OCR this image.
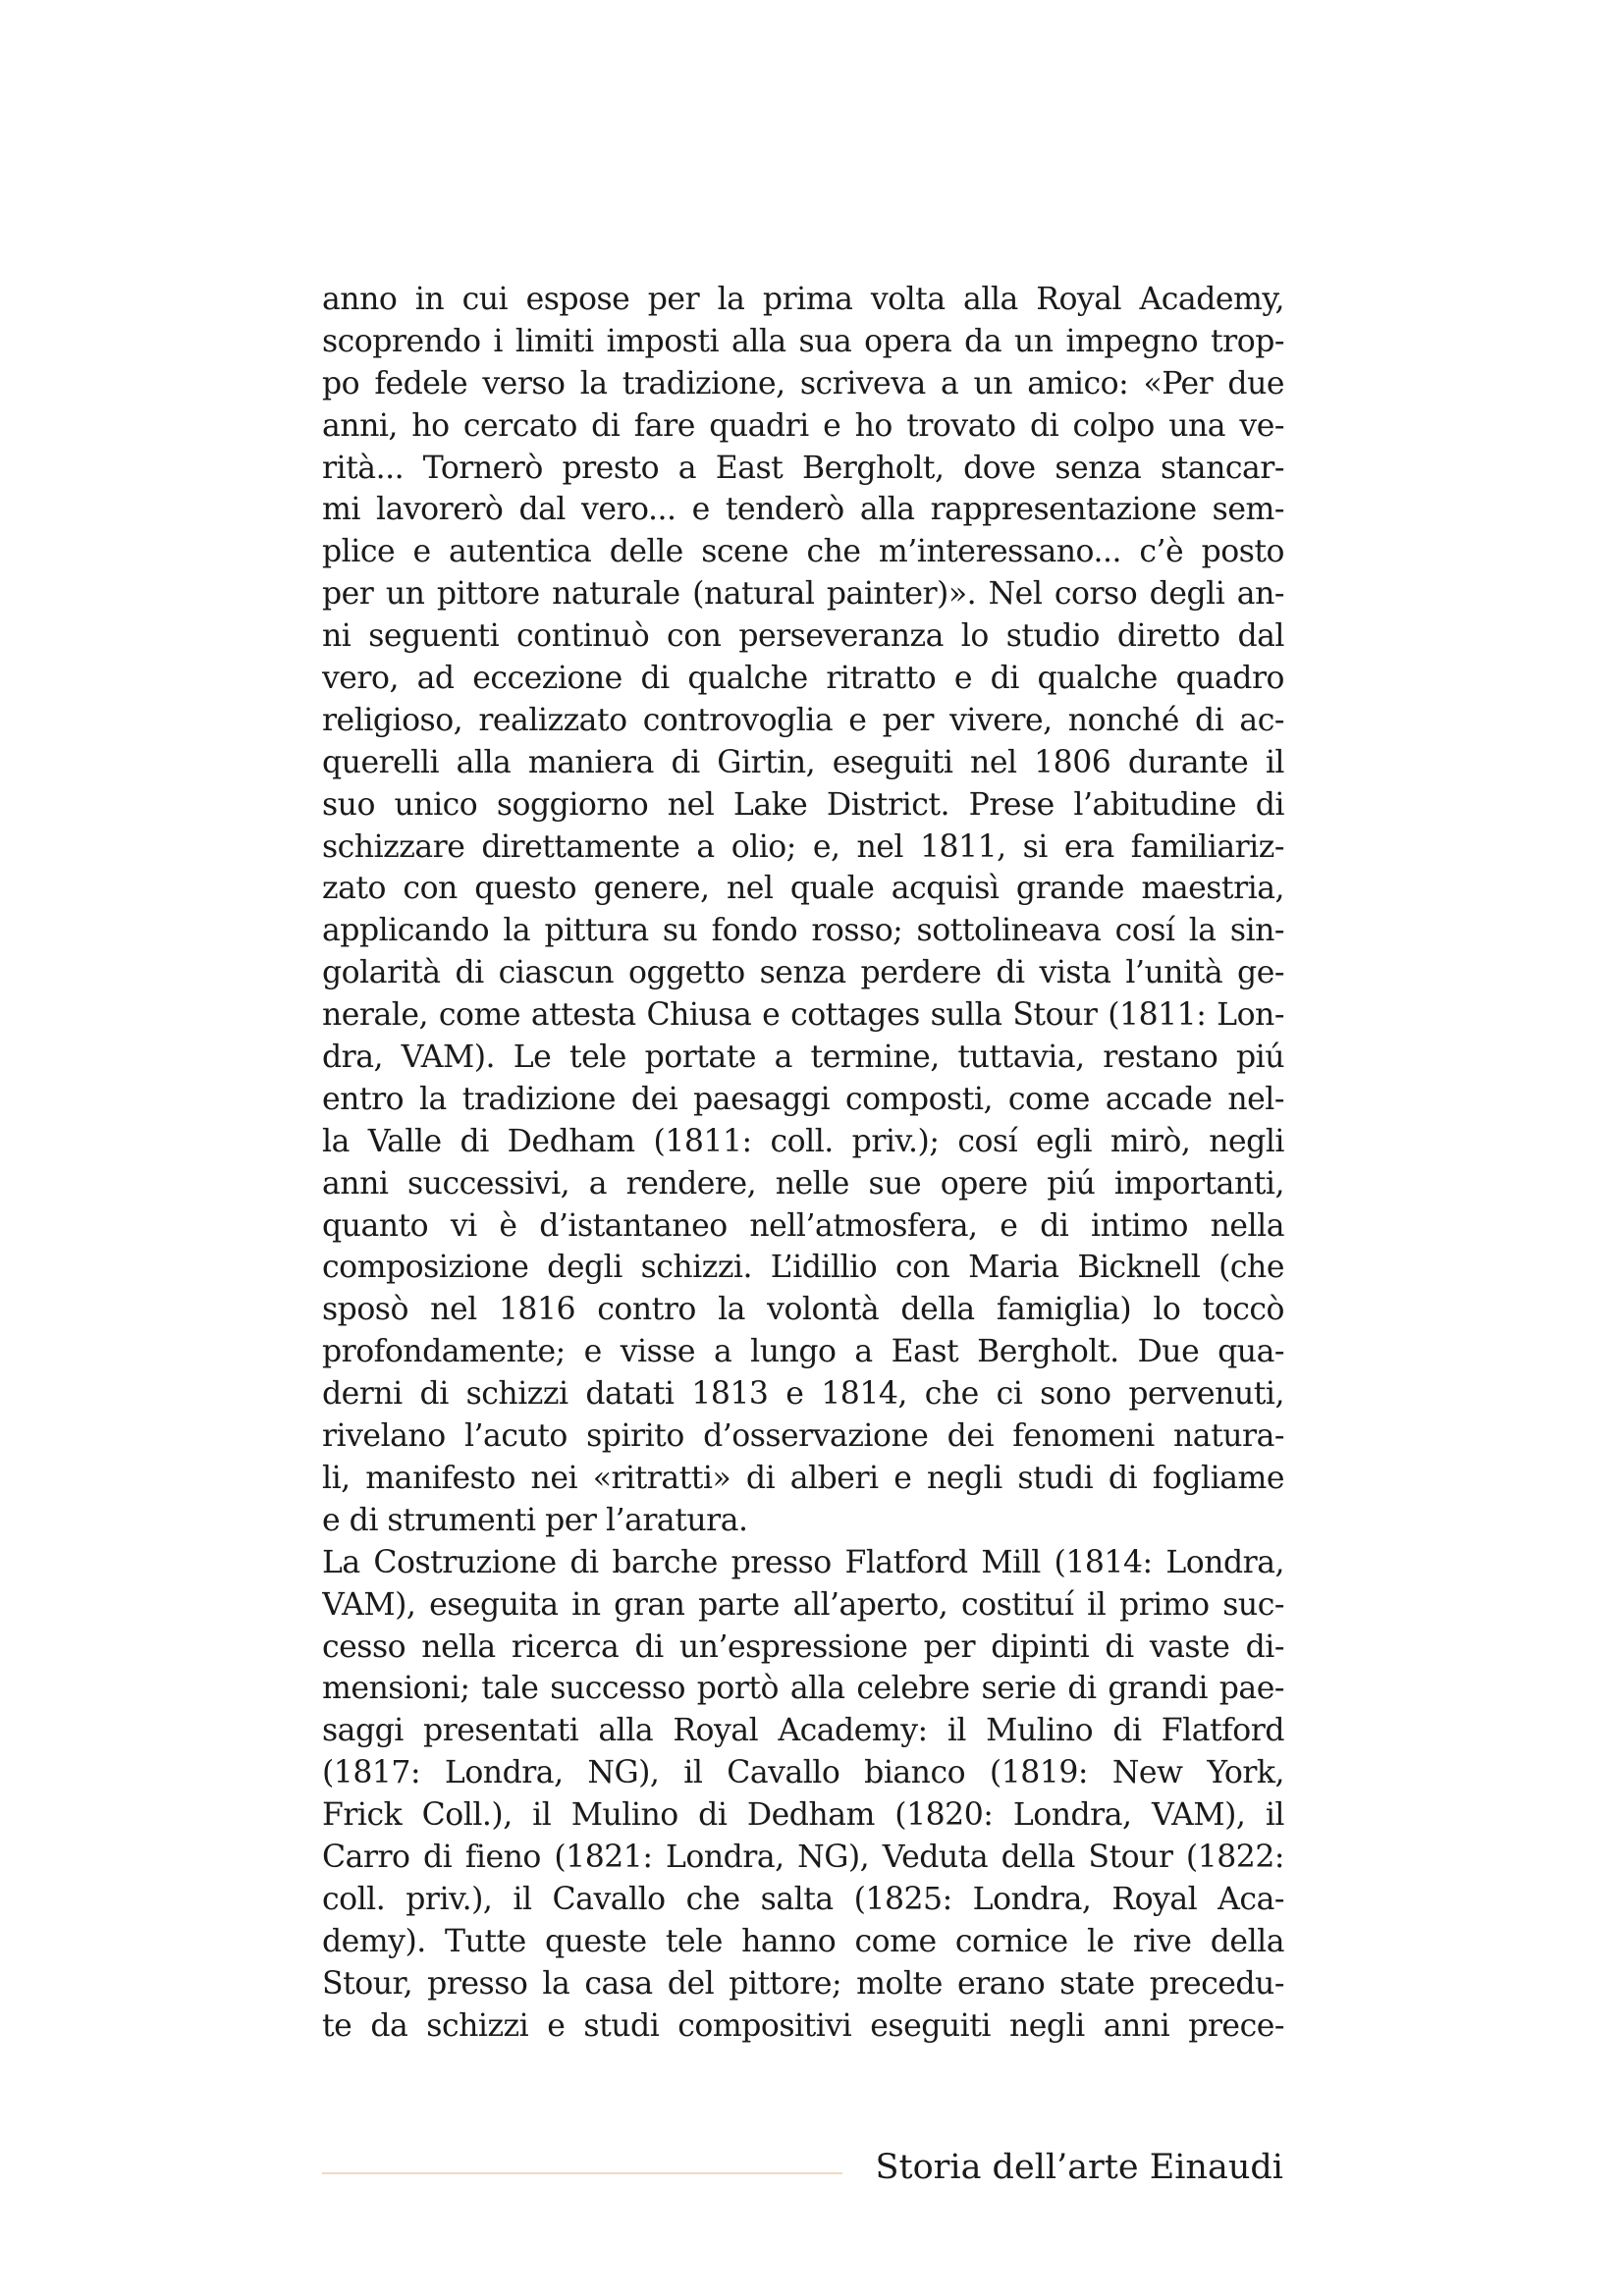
anno in cui espose per la prima volta alla Royal Academy,
scoprendo i limiti imposti alla sua opera da un impegno trop-
po fedele verso la tradizione, scriveva a un amico: «Per due
anni, ho cercato di fare quadri e ho trovato di colpo una ve-
rità... Tornerò presto a East Bergholt, dove senza stancar-
mi lavorerò dal vero... e tenderò alla rappresentazione sem-
plice e autentica delle scene che m’interessano... c’è posto
per un pittore naturale (natural painter)». Nel corso degli an-
ni seguenti continuò con perseveranza lo studio diretto dal
vero, ad eccezione di qualche ritratto e di qualche quadro
religioso, realizzato controvoglia e per vivere, nonché di ac-
querelli alla maniera di Girtin, eseguiti nel 1806 durante il
suo unico soggiorno nel Lake District. Prese l’abitudine di
schizzare direttamente a olio; e, nel 1811, si era familiariz-
zato con questo genere, nel quale acquisì grande maestria,
applicando la pittura su fondo rosso; sottolineava cosí la sin-
golarità di ciascun oggetto senza perdere di vista l’unità ge-
nerale, come attesta Chiusa e cottages sulla Stour (1811: Lon-
dra, VAM). Le tele portate a termine, tuttavia, restano piú
entro la tradizione dei paesaggi composti, come accade nel-
la Valle di Dedham (1811: coll. priv.); cosí egli mirò, negli
anni successivi, a rendere, nelle sue opere piú importanti,
quanto vi è d’istantaneo nell’atmosfera, e di intimo nella
composizione degli schizzi. L’idillio con Maria Bicknell (che
sposò nel 1816 contro la volontà della famiglia) lo toccò
profondamente; e visse a lungo a East Bergholt. Due qua-
derni di schizzi datati 1813 e 1814, che ci sono pervenuti,
rivelano l’acuto spirito d’osservazione dei fenomeni natura-
li, manifesto nei «ritratti» di alberi e negli studi di fogliame
e di strumenti per l’aratura.
La Costruzione di barche presso Flatford Mill (1814: Londra,
VAM), eseguita in gran parte all’aperto, costituí il primo suc-
cesso nella ricerca di un’espressione per dipinti di vaste di-
mensioni; tale successo portò alla celebre serie di grandi pae-
saggi presentati alla Royal Academy: il Mulino di Flatford
(1817: Londra, NG), il Cavallo bianco (1819: New York,
Frick Coll.), il Mulino di Dedham (1820: Londra, VAM), il
Carro di fieno (1821: Londra, NG), Veduta della Stour (1822:
coll. priv.), il Cavallo che salta (1825: Londra, Royal Aca-
demy). Tutte queste tele hanno come cornice le rive della
Stour, presso la casa del pittore; molte erano state precedu-
te da schizzi e studi compositivi eseguiti negli anni prece-
Storia dell’arte Einaudi
